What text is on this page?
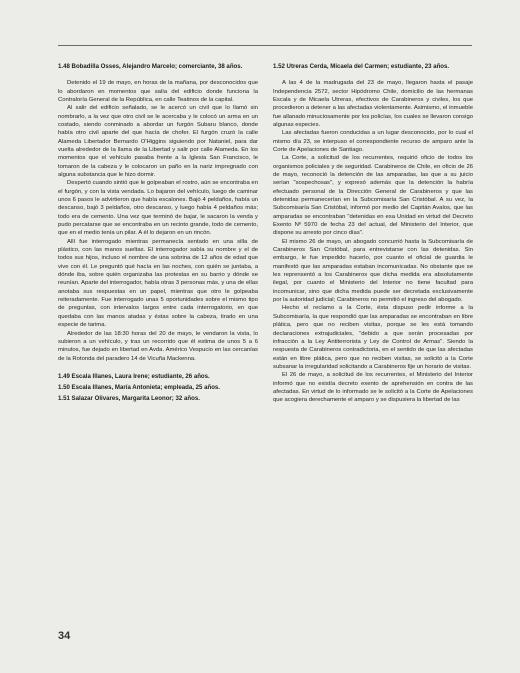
1.48 Bobadilla Osses, Alejandro Marcelo; comerciante, 38 años.

Detenido el 19 de mayo, en horas de la mañana, por desconocidos que lo abordaron en momentos que salía del edificio donde funciona la Contraloría General de la República, en calle Teatinos de la capital.

Al salir del edificio señalado, se le acercó un civil que lo llamó sin nombrarlo, a la vez que otro civil se le acercaba y le colocó un arma en un costado, siendo conminado a abordar un furgón Subaru blanco, donde había otro civil aparte del que hacía de chofer. El furgón cruzó la calle Alameda Libertador Bernardo O'Higgins siguiendo por Nataniel, para dar vuelta alrededor de la llama de la Libertad y salir por calle Alameda. En los momentos que el vehículo pasaba frente a la Iglesia San Francisco, le tomaron de la cabeza y le colocaron un paño en la nariz impregnado con alguna substancia que le hizo dormir.

Despertó cuando sintió que le golpeaban el rostro, aún se encontraba en el furgón, y con la vista vendada. Lo bajaron del vehículo, luego de caminar unos 6 pasos le advirtieron que había escalones. Bajó 4 peldaños, había un descanso, bajó 3 peldaños, otro descanso, y luego había 4 peldaños más; todo era de cemento. Una vez que terminó de bajar, le sacaron la venda y pudo percatarse que se encontraba en un recinto grande, todo de cemento, que en el medio tenía un pilar. A él lo dejaron en un rincón.

Allí fue interrogado mientras permanecía sentado en una silla de plástico, con las manos sueltas. El interrogador sabía su nombre y el de todos sus hijos, incluso el nombre de una sobrina de 12 años de edad que vive con él. Le preguntó qué hacía en las noches, con quién se juntaba, a dónde iba, sobre quién organizaba las protestas en su barrio y dónde se reunían. Aparte del interrogador, había otras 3 personas más, y una de ellas anotaba sus respuestas en un papel, mientras que otro le golpeaba reiteradamente. Fue interrogado unas 5 oportunidades sobre el mismo tipo de preguntas, con intervalos largos entre cada interrogatorio, en que quedaba con las manos atadas y éstas sobre la cabeza, tirado en una especie de tarima.

Alrededor de las 18:30 horas del 20 de mayo, le vendaron la vista, lo subieron a un vehículo, y tras un recorrido que él estima de unos 5 a 6 minutos, fue dejado en libertad en Avda. Américo Vespucio en las cercanías de la Rotonda del paradero 14 de Vicuña Mackenna.

1.49 Escala Illanes, Laura Irene; estudiante, 26 años.

1.50 Escala Illanes, María Antonieta; empleada, 25 años.

1.51 Salazar Olivares, Margarita Leonor; 32 años.

1.52 Utreras Cerda, Micaela del Carmen; estudiante, 23 años.

A las 4 de la madrugada del 23 de mayo, llegaron hasta el pasaje Independencia 2572, sector Hipódromo Chile, domicilio de las hermanas Escala y de Micaela Utreras, efectivos de Carabineros y civiles, los que procedieron a detener a las afectadas violentamente. Asimismo, el inmueble fue allanado minuciosamente por los policías, los cuales se llevaron consigo algunas especies.

Las afectadas fueron conducidas a un lugar desconocido, por lo cual el mismo día 23, se interpuso el correspondiente recurso de amparo ante la Corte de Apelaciones de Santiago.

La Corte, a solicitud de los recurrentes, requirió oficio de todos los organismos policiales y de seguridad. Carabineros de Chile, en oficio de 26 de mayo, reconoció la detención de las amparadas, las que a su juicio serían "sospechosas", y expresó además que la detención la habría efectuado personal de la Dirección General de Carabineros y que las detenidas permanecerían en la Subcomisaría San Cristóbal. A su vez, la Subcomisaría San Cristóbal, informó por medio del Capitán Avalos, que las amparadas se encontraban "detenidas en esa Unidad en virtud del Decreto Exento Nº 5970 de fecha 23 del actual, del Ministerio del Interior, que dispone su arresto por cinco días".

El mismo 26 de mayo, un abogado concurrió hasta la Subcomisaría de Carabineros San Cristóbal, para entrevistarse con las detenidas. Sin embargo, le fue impedido hacerlo, por cuanto el oficial de guardia le manifestó que las amparadas estaban incomunicadas. No obstante que se les reprensentó a los Carabineros que dicha medida era absolutamente ilegal, por cuanto el Ministerio del Interior no tiene facultad para incomunicar, sino que dicha medida puede ser decretada exclusivamente por la autoridad judicial; Carabineros no permitió el ingreso del abogado.

Hecho el reclamo a la Corte, ésta dispuso pedir informe a la Subcomisaría, la que respondió que las amparadas se encontraban en libre plática, pero que no reciben visitas, porque se les está tomando declaraciones extrajudiciales, "debido a que serán procesadas por infracción a la Ley Antiterrorista y Ley de Control de Armas". Siendo la respuesta de Carabineros contradictoria, en el sentido de que las afectadas están en libre plática, pero que no reciben visitas, se solicitó a la Corte subsanar la irregularidad solicitando a Carabineros fije un horario de visitas.

El 26 de mayo, a solicitud de los recurrentes, el Ministerio del Interior informó que no existía decreto exento de aprehensión en contra de las afectadas. En virtud de lo informado se le solicitó a la Corte de Apelaciones que acogiera derechamente el amparo y se dispusiera la libertad de las

34
